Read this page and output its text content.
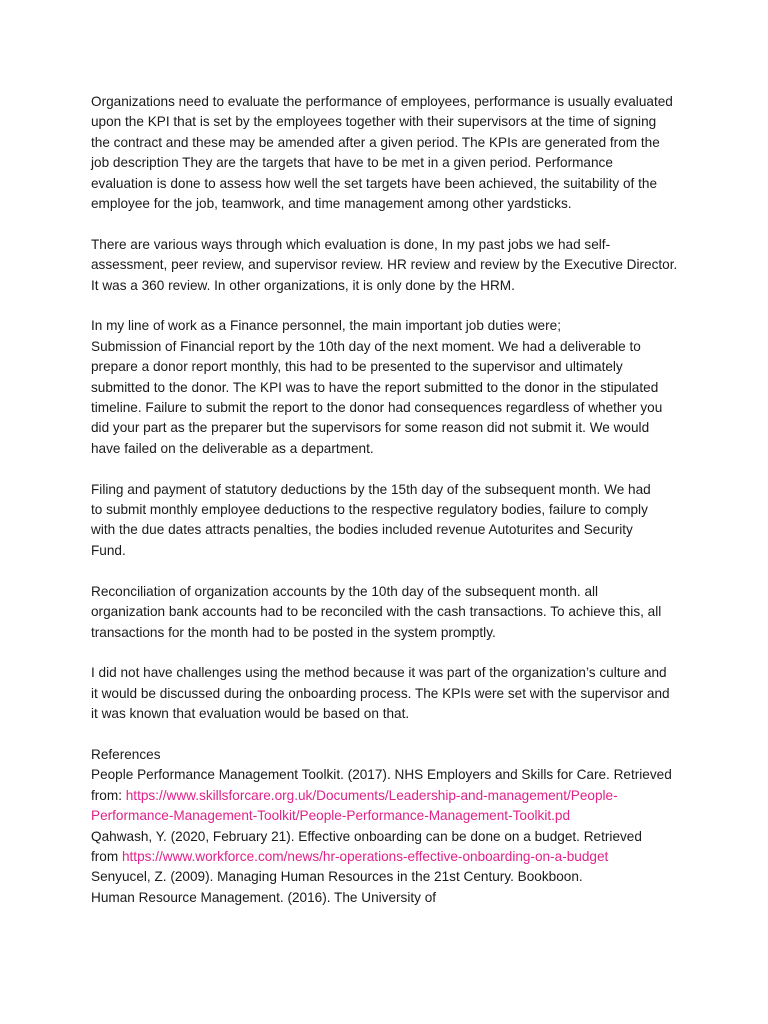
Organizations need to evaluate the performance of employees, performance is usually evaluated
upon the KPI that is set by the employees together with their supervisors at the time of signing
the contract and these may be amended after a given period. The KPIs are generated from the
job description They are the targets that have to be met in a given period. Performance
evaluation is done to assess how well the set targets have been achieved, the suitability of the
employee for the job, teamwork, and time management among other yardsticks.

There are various ways through which evaluation is done, In my past jobs we had self-
assessment, peer review, and supervisor review. HR review and review by the Executive Director.
It was a 360 review. In other organizations, it is only done by the HRM.

In my line of work as a Finance personnel, the main important job duties were;
Submission of Financial report by the 10th day of the next moment. We had a deliverable to
prepare a donor report monthly, this had to be presented to the supervisor and ultimately
submitted to the donor. The KPI was to have the report submitted to the donor in the stipulated
timeline. Failure to submit the report to the donor had consequences regardless of whether you
did your part as the preparer but the supervisors for some reason did not submit it. We would
have failed on the deliverable as a department.

Filing and payment of statutory deductions by the 15th day of the subsequent month. We had
to submit monthly employee deductions to the respective regulatory bodies, failure to comply
with the due dates attracts penalties, the bodies included revenue Autoturites and Security
Fund.

Reconciliation of organization accounts by the 10th day of the subsequent month. all
organization bank accounts had to be reconciled with the cash transactions. To achieve this, all
transactions for the month had to be posted in the system promptly.

I did not have challenges using the method because it was part of the organization’s culture and
it would be discussed during the onboarding process. The KPIs were set with the supervisor and
it was known that evaluation would be based on that.

References

People Performance Management Toolkit. (2017). NHS Employers and Skills for Care. Retrieved
from: https://www.skillsforcare.org.uk/Documents/Leadership-and-management/People-
Performance-Management-Toolkit/People-Performance-Management-Toolkit.pd

Qahwash, Y. (2020, February 21). Effective onboarding can be done on a budget. Retrieved
from https://www.workforce.com/news/hr-operations-effective-onboarding-on-a-budget

Senyucel, Z. (2009). Managing Human Resources in the 21st Century. Bookboon.

Human Resource Management. (2016). The University of
